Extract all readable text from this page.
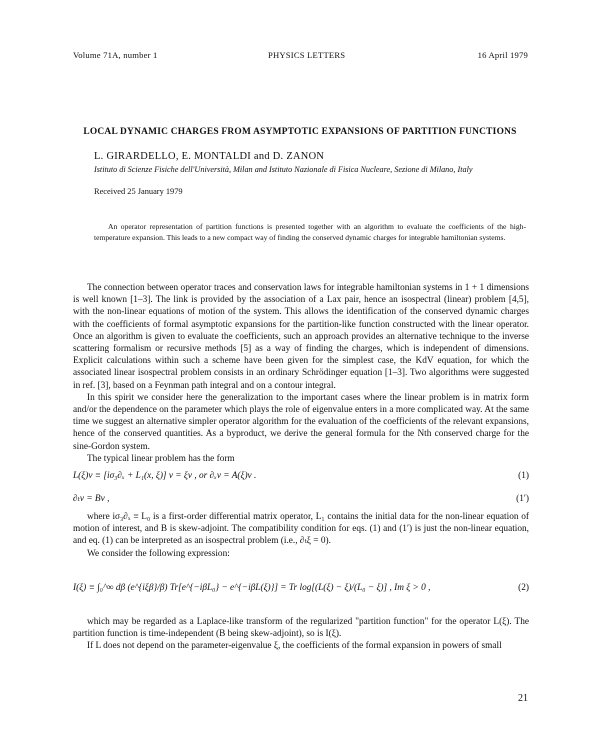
Volume 71A, number 1	PHYSICS LETTERS	16 April 1979
LOCAL DYNAMIC CHARGES FROM ASYMPTOTIC EXPANSIONS OF PARTITION FUNCTIONS
L. GIRARDELLO, E. MONTALDI and D. ZANON
Istituto di Scienze Fisiche dell'Università, Milan and Istituto Nazionale di Fisica Nucleare, Sezione di Milano, Italy
Received 25 January 1979
An operator representation of partition functions is presented together with an algorithm to evaluate the coefficients of the high-temperature expansion. This leads to a new compact way of finding the conserved dynamic charges for integrable hamiltonian systems.

The connection between operator traces and conservation laws for integrable hamiltonian systems in 1 + 1 dimensions is well known [1–3]. The link is provided by the association of a Lax pair, hence an isospectral (linear) problem [4,5], with the non-linear equations of motion of the system. This allows the identification of the conserved dynamic charges with the coefficients of formal asymptotic expansions for the partition-like function constructed with the linear operator. Once an algorithm is given to evaluate the coefficients, such an approach provides an alternative technique to the inverse scattering formalism or recursive methods [5] as a way of finding the charges, which is independent of dimensions. Explicit calculations within such a scheme have been given for the simplest case, the KdV equation, for which the associated linear isospectral problem consists in an ordinary Schrödinger equation [1–3]. Two algorithms were suggested in ref. [3], based on a Feynman path integral and on a contour integral.

In this spirit we consider here the generalization to the important cases where the linear problem is in matrix form and/or the dependence on the parameter which plays the role of eigenvalue enters in a more complicated way. At the same time we suggest an alternative simpler operator algorithm for the evaluation of the coefficients of the relevant expansions, hence of the conserved quantities. As a byproduct, we derive the general formula for the Nth conserved charge for the sine-Gordon system.

The typical linear problem has the form

L(ξ)v ≡ [iσ₃∂ₓ + L₁(x, ξ)] v = ξv , or ∂ₓv = A(ξ)v .	(1)
∂ₜv = Bv ,	(1′)

where iσ₃∂ₓ ≡ L₀ is a first-order differential matrix operator, L₁ contains the initial data for the non-linear equation of motion of interest, and B is skew-adjoint. The compatibility condition for eqs. (1) and (1′) is just the non-linear equation, and eq. (1) can be interpreted as an isospectral problem (i.e., ∂ₜξ = 0).

We consider the following expression:

I(ξ) ≡ ∫₀^∞ dβ (e^{iξβ}/β) Tr[e^{−iβL₀} − e^{−iβL(ξ)}] = Tr log[(L(ξ) − ξ)/(L₀ − ξ)] , Im ξ > 0 ,	(2)

which may be regarded as a Laplace-like transform of the regularized "partition function" for the operator L(ξ). The partition function is time-independent (B being skew-adjoint), so is I(ξ).

If L does not depend on the parameter-eigenvalue ξ, the coefficients of the formal expansion in powers of small

21
